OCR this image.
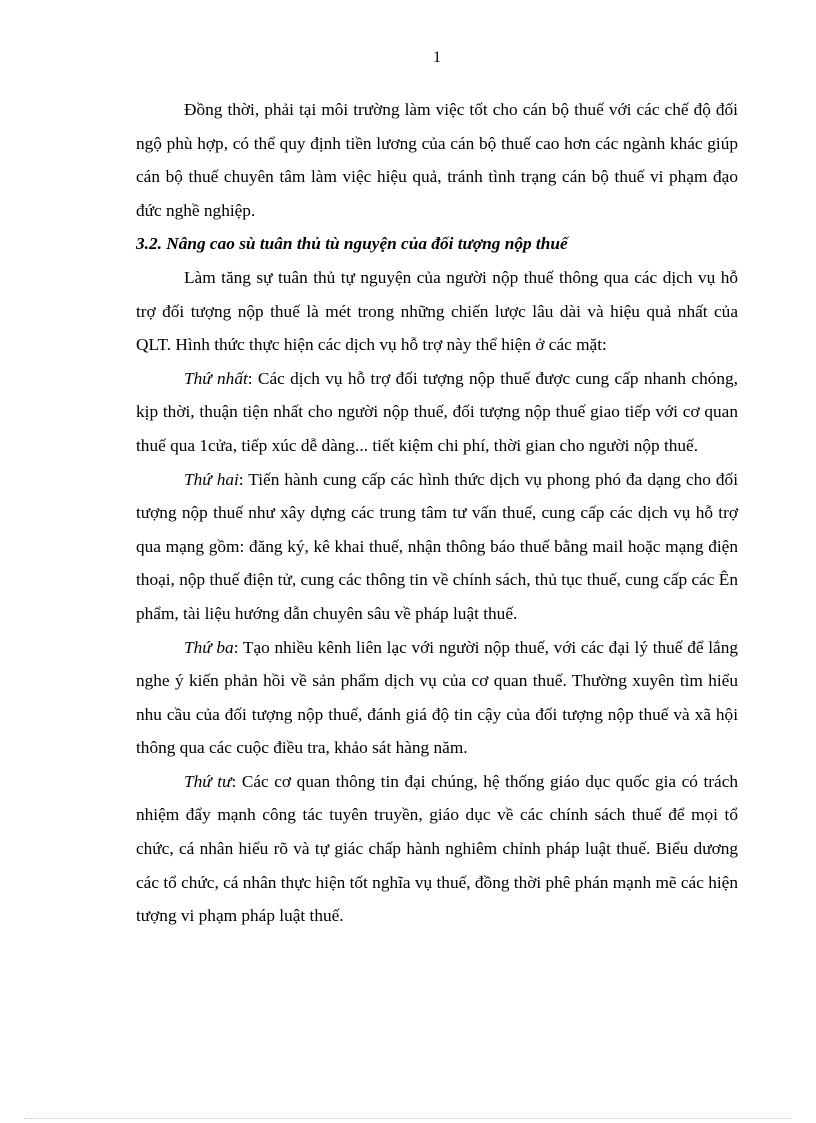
1

Đồng thời, phải tại môi trường làm việc tốt cho cán bộ thuế với các chế độ đối ngộ phù hợp, có thể quy định tiền lương của cán bộ thuế cao hơn các ngành khác giúp cán bộ thuế chuyên tâm làm việc hiệu quả, tránh tình trạng cán bộ thuế vi phạm đạo đức nghề nghiệp.

3.2. Nâng cao sù tuân thủ tù nguyện của đối tượng nộp thuế

Làm tăng sự tuân thủ tự nguyện của người nộp thuế thông qua các dịch vụ hỗ trợ đối tượng nộp thuế là mét trong những chiến lược lâu dài và hiệu quả nhất của QLT. Hình thức thực hiện các dịch vụ hỗ trợ này thể hiện ở các mặt:

Thứ nhất: Các dịch vụ hỗ trợ đối tượng nộp thuế được cung cấp nhanh chóng, kịp thời, thuận tiện nhất cho người nộp thuế, đối tượng nộp thuế giao tiếp với cơ quan thuế qua 1cửa, tiếp xúc dễ dàng... tiết kiệm chi phí, thời gian cho người nộp thuế.

Thứ hai: Tiến hành cung cấp các hình thức dịch vụ phong phó đa dạng cho đối tượng nộp thuế như xây dựng các trung tâm tư vấn thuế, cung cấp các dịch vụ hỗ trợ qua mạng gồm: đăng ký, kê khai thuế, nhận thông báo thuế bằng mail hoặc mạng điện thoại, nộp thuế điện tử, cung các thông tin về chính sách, thủ tục thuế, cung cấp các Ên phẩm, tài liệu hướng dẫn chuyên sâu về pháp luật thuế.

Thứ ba: Tạo nhiều kênh liên lạc với người nộp thuế, với các đại lý thuế để lắng nghe ý kiến phản hồi về sản phẩm dịch vụ của cơ quan thuế. Thường xuyên tìm hiểu nhu cầu của đối tượng nộp thuế, đánh giá độ tin cậy của đối tượng nộp thuế và xã hội thông qua các cuộc điều tra, khảo sát hàng năm.

Thứ tư: Các cơ quan thông tin đại chúng, hệ thống giáo dục quốc gia có trách nhiệm đẩy mạnh công tác tuyên truyền, giáo dục về các chính sách thuế để mọi tổ chức, cá nhân hiểu rõ và tự giác chấp hành nghiêm chỉnh pháp luật thuế. Biểu dương các tổ chức, cá nhân thực hiện tốt nghĩa vụ thuế, đồng thời phê phán mạnh mẽ các hiện tượng vi phạm pháp luật thuế.
